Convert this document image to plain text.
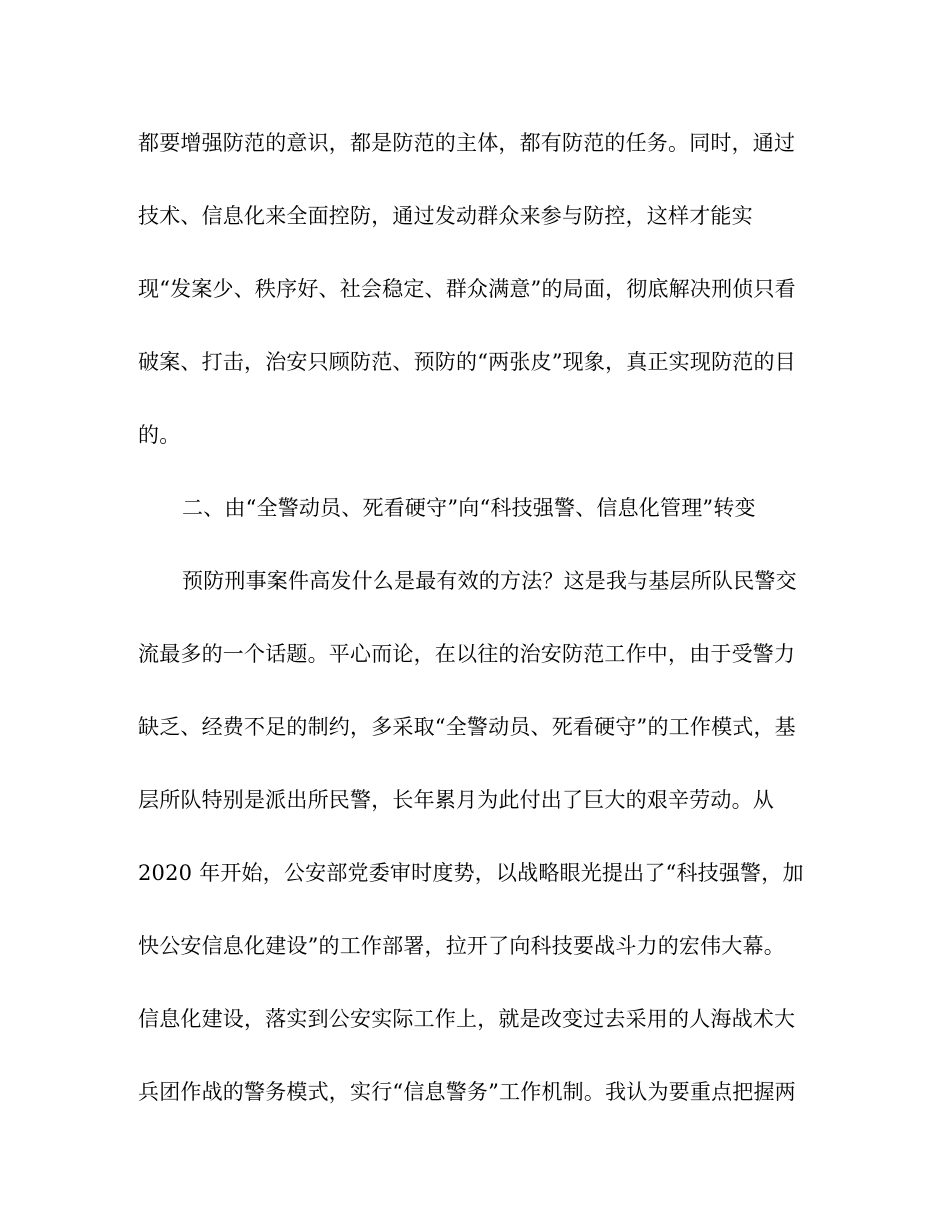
都要增强防范的意识，都是防范的主体，都有防范的任务。同时，通过
技术、信息化来全面控防，通过发动群众来参与防控，这样才能实
现“发案少、秩序好、社会稳定、群众满意”的局面，彻底解决刑侦只看
破案、打击，治安只顾防范、预防的“两张皮”现象，真正实现防范的目
的。
二、由“全警动员、死看硬守”向“科技强警、信息化管理”转变
预防刑事案件高发什么是最有效的方法？这是我与基层所队民警交
流最多的一个话题。平心而论，在以往的治安防范工作中，由于受警力
缺乏、经费不足的制约，多采取“全警动员、死看硬守”的工作模式，基
层所队特别是派出所民警，长年累月为此付出了巨大的艰辛劳动。从
2020 年开始，公安部党委审时度势，以战略眼光提出了“科技强警，加
快公安信息化建设”的工作部署，拉开了向科技要战斗力的宏伟大幕。
信息化建设，落实到公安实际工作上，就是改变过去采用的人海战术大
兵团作战的警务模式，实行“信息警务”工作机制。我认为要重点把握两
